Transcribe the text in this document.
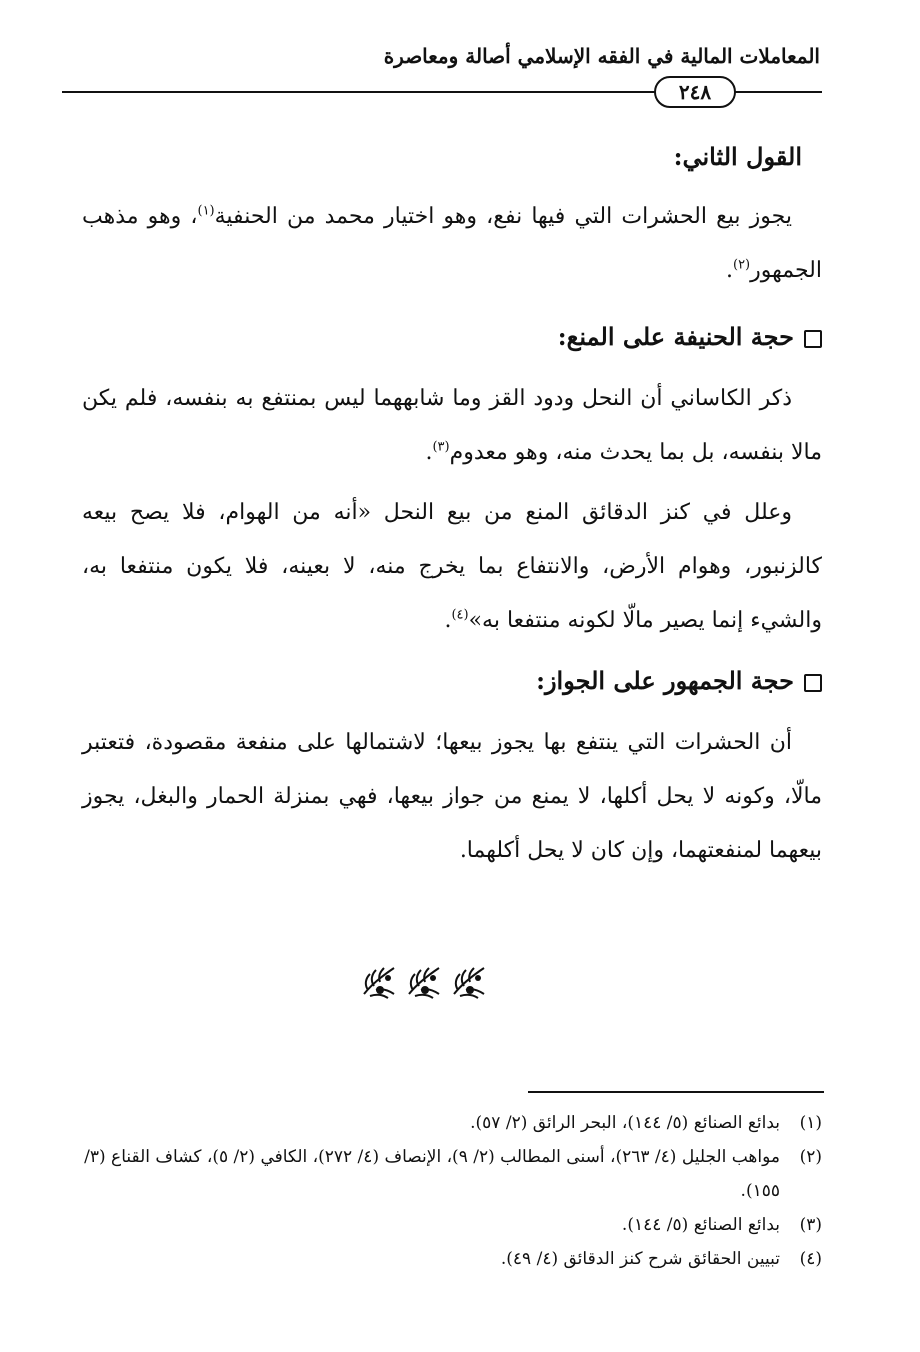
المعاملات المالية في الفقه الإسلامي أصالة ومعاصرة
٢٤٨
القول الثاني:

يجوز بيع الحشرات التي فيها نفع، وهو اختيار محمد من الحنفية$^{(١)}$، وهو مذهب الجمهور$^{(٢)}$.

حجة الحنيفة على المنع:

ذكر الكاساني أن النحل ودود القز وما شابههما ليس بمنتفع به بنفسه، فلم يكن مالا بنفسه، بل بما يحدث منه، وهو معدوم$^{(٣)}$.

وعلل في كنز الدقائق المنع من بيع النحل «أنه من الهوام، فلا يصح بيعه كالزنبور، وهوام الأرض، والانتفاع بما يخرج منه، لا بعينه، فلا يكون منتفعا به، والشيء إنما يصير مالّا لكونه منتفعا به»$^{(٤)}$.

حجة الجمهور على الجواز:

أن الحشرات التي ينتفع بها يجوز بيعها؛ لاشتمالها على منفعة مقصودة، فتعتبر مالّا، وكونه لا يحل أكلها، لا يمنع من جواز بيعها، فهي بمنزلة الحمار والبغل، يجوز بيعهما لمنفعتهما، وإن كان لا يحل أكلهما.

(١)
بدائع الصنائع (٥/ ١٤٤)، البحر الرائق (٢/ ٥٧).

(٢)
مواهب الجليل (٤/ ٢٦٣)، أسنى المطالب (٢/ ٩)، الإنصاف (٤/ ٢٧٢)، الكافي (٢/ ٥)، كشاف القناع (٣/ ١٥٥).

(٣)
بدائع الصنائع (٥/ ١٤٤).

(٤)
تبيين الحقائق شرح كنز الدقائق (٤/ ٤٩).
